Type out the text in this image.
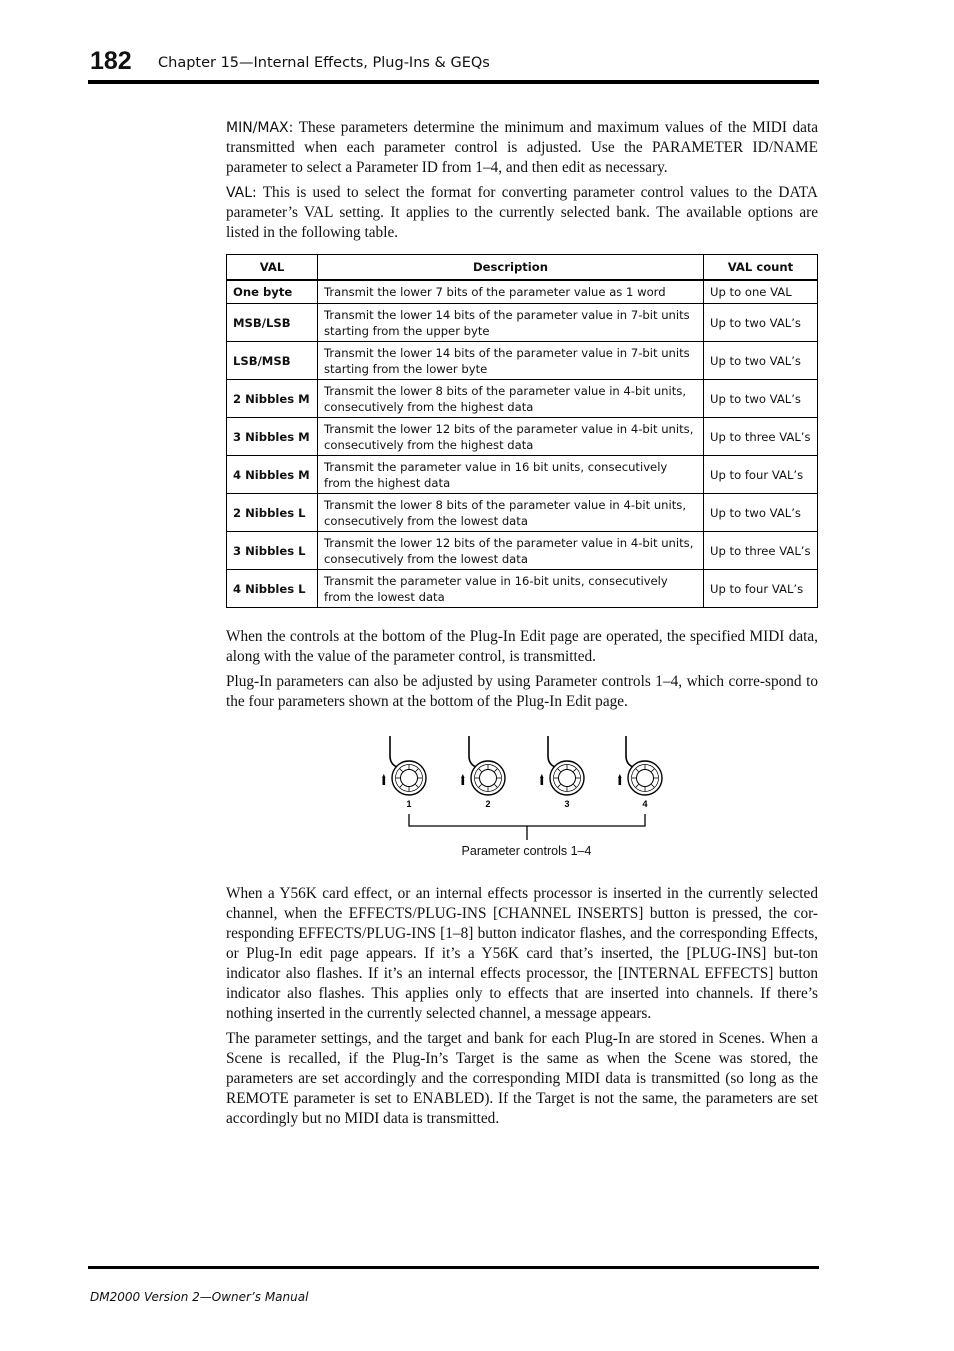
182 Chapter 15—Internal Effects, Plug-Ins & GEQs
MIN/MAX: These parameters determine the minimum and maximum values of the MIDI data transmitted when each parameter control is adjusted. Use the PARAMETER ID/NAME parameter to select a Parameter ID from 1–4, and then edit as necessary.
VAL: This is used to select the format for converting parameter control values to the DATA parameter’s VAL setting. It applies to the currently selected bank. The available options are listed in the following table.
VAL	Description	VAL count
One byte	Transmit the lower 7 bits of the parameter value as 1 word	Up to one VAL
MSB/LSB	Transmit the lower 14 bits of the parameter value in 7-bit units starting from the upper byte	Up to two VAL’s
LSB/MSB	Transmit the lower 14 bits of the parameter value in 7-bit units starting from the lower byte	Up to two VAL’s
2 Nibbles M	Transmit the lower 8 bits of the parameter value in 4-bit units, consecutively from the highest data	Up to two VAL’s
3 Nibbles M	Transmit the lower 12 bits of the parameter value in 4-bit units, consecutively from the highest data	Up to three VAL’s
4 Nibbles M	Transmit the parameter value in 16 bit units, consecutively from the highest data	Up to four VAL’s
2 Nibbles L	Transmit the lower 8 bits of the parameter value in 4-bit units, consecutively from the lowest data	Up to two VAL’s
3 Nibbles L	Transmit the lower 12 bits of the parameter value in 4-bit units, consecutively from the lowest data	Up to three VAL’s
4 Nibbles L	Transmit the parameter value in 16-bit units, consecutively from the lowest data	Up to four VAL’s
When the controls at the bottom of the Plug-In Edit page are operated, the specified MIDI data, along with the value of the parameter control, is transmitted.
Plug-In parameters can also be adjusted by using Parameter controls 1–4, which corre-spond to the four parameters shown at the bottom of the Plug-In Edit page.
1	2	3	4
Parameter controls 1–4
When a Y56K card effect, or an internal effects processor is inserted in the currently selected channel, when the EFFECTS/PLUG-INS [CHANNEL INSERTS] button is pressed, the cor-responding EFFECTS/PLUG-INS [1–8] button indicator flashes, and the corresponding Effects, or Plug-In edit page appears. If it’s a Y56K card that’s inserted, the [PLUG-INS] but-ton indicator also flashes. If it’s an internal effects processor, the [INTERNAL EFFECTS] button indicator also flashes. This applies only to effects that are inserted into channels. If there’s nothing inserted in the currently selected channel, a message appears.
The parameter settings, and the target and bank for each Plug-In are stored in Scenes. When a Scene is recalled, if the Plug-In’s Target is the same as when the Scene was stored, the parameters are set accordingly and the corresponding MIDI data is transmitted (so long as the REMOTE parameter is set to ENABLED). If the Target is not the same, the parameters are set accordingly but no MIDI data is transmitted.
DM2000 Version 2—Owner’s Manual
